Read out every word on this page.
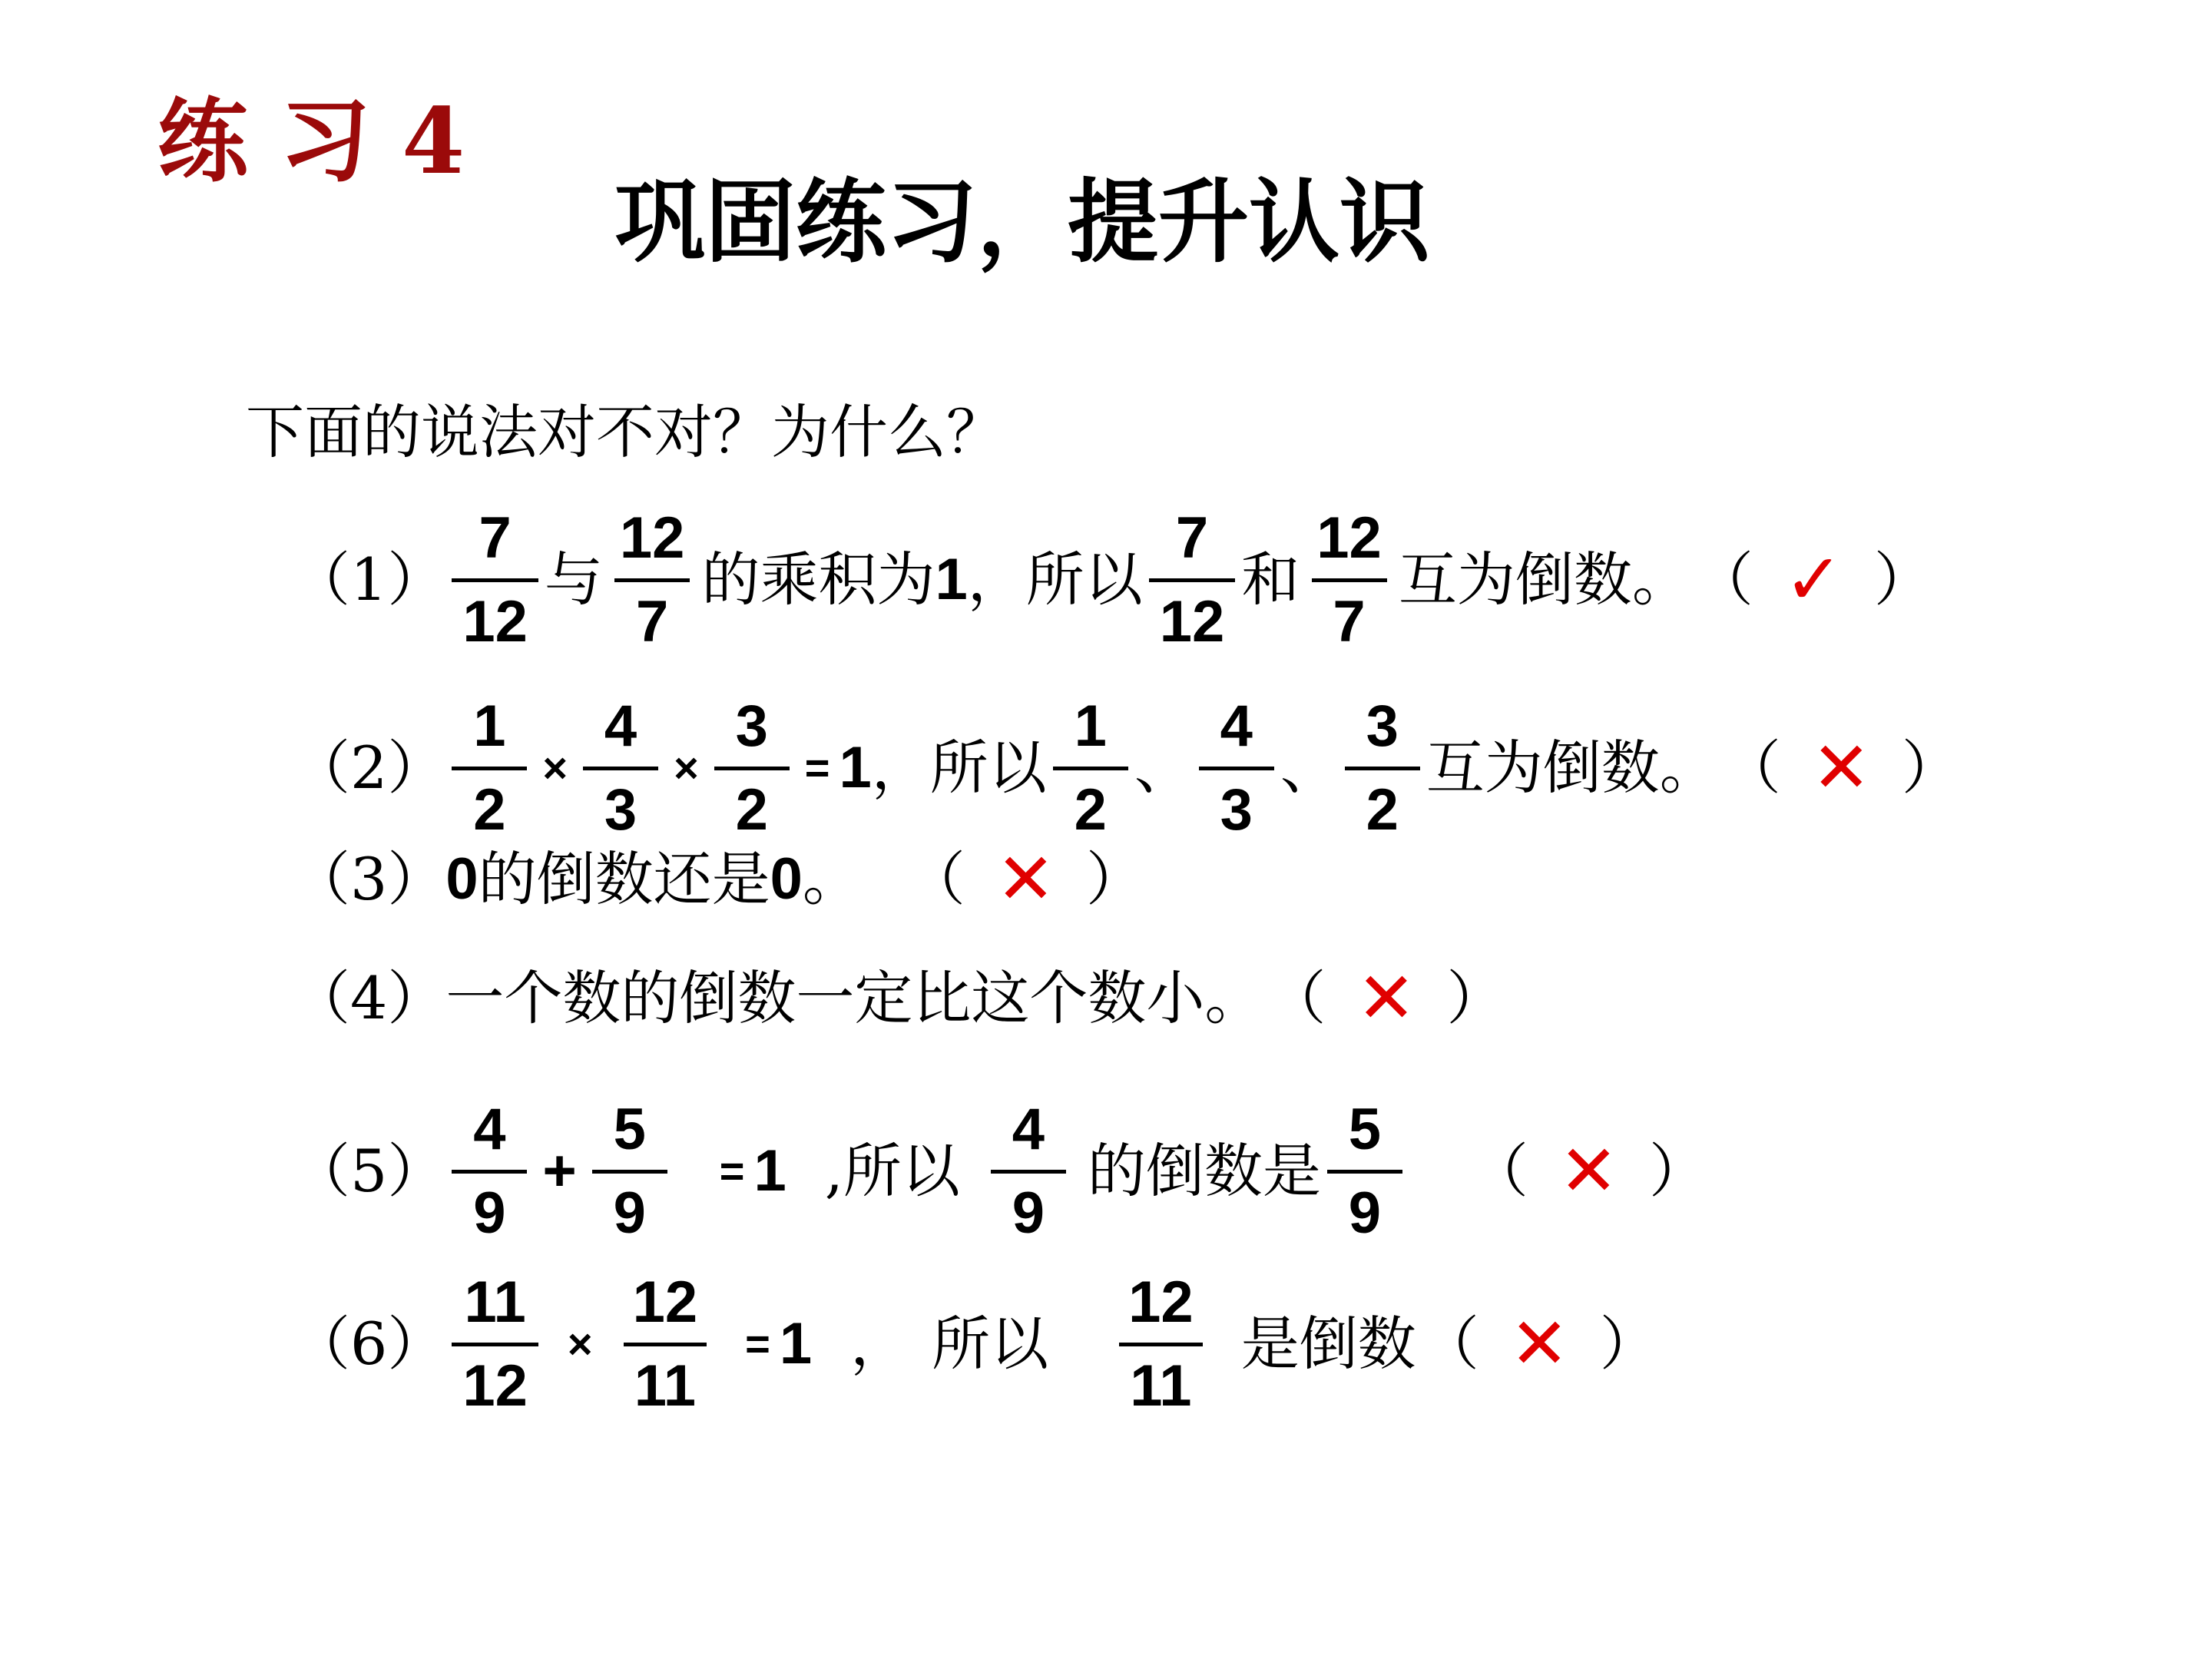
练 习 4
巩固练习，提升认识
下面的说法对不对？为什么？
$(1) \frac{7}{12}$ 与 $\frac{12}{7}$ 的乘积为 1 ，所以 $\frac{7}{12}$ 和 $\frac{12}{7}$ 互为倒数。 （ ✓ ）
$(2) \frac{1}{2} \times \frac{4}{3} \times \frac{3}{2} = 1$ ，所以 $\frac{1}{2}$ 、 $\frac{4}{3}$ 、 $\frac{3}{2}$ 互为倒数。 （ ✕ ）
（3） 0 的倒数还是 0 。 （ ✕ ）
（4） 一个数的倒数一定比这个数小。 （ ✕ ）
$(5) \frac{4}{9} + \frac{5}{9} = 1$ ,所以 $\frac{4}{9}$ 的倒数是 $\frac{5}{9}$ （ ✕ ）
$(6) \frac{11}{12} \times \frac{12}{11} = 1$ ， 所以 $\frac{12}{11}$ 是倒数 （ ✕ ）
